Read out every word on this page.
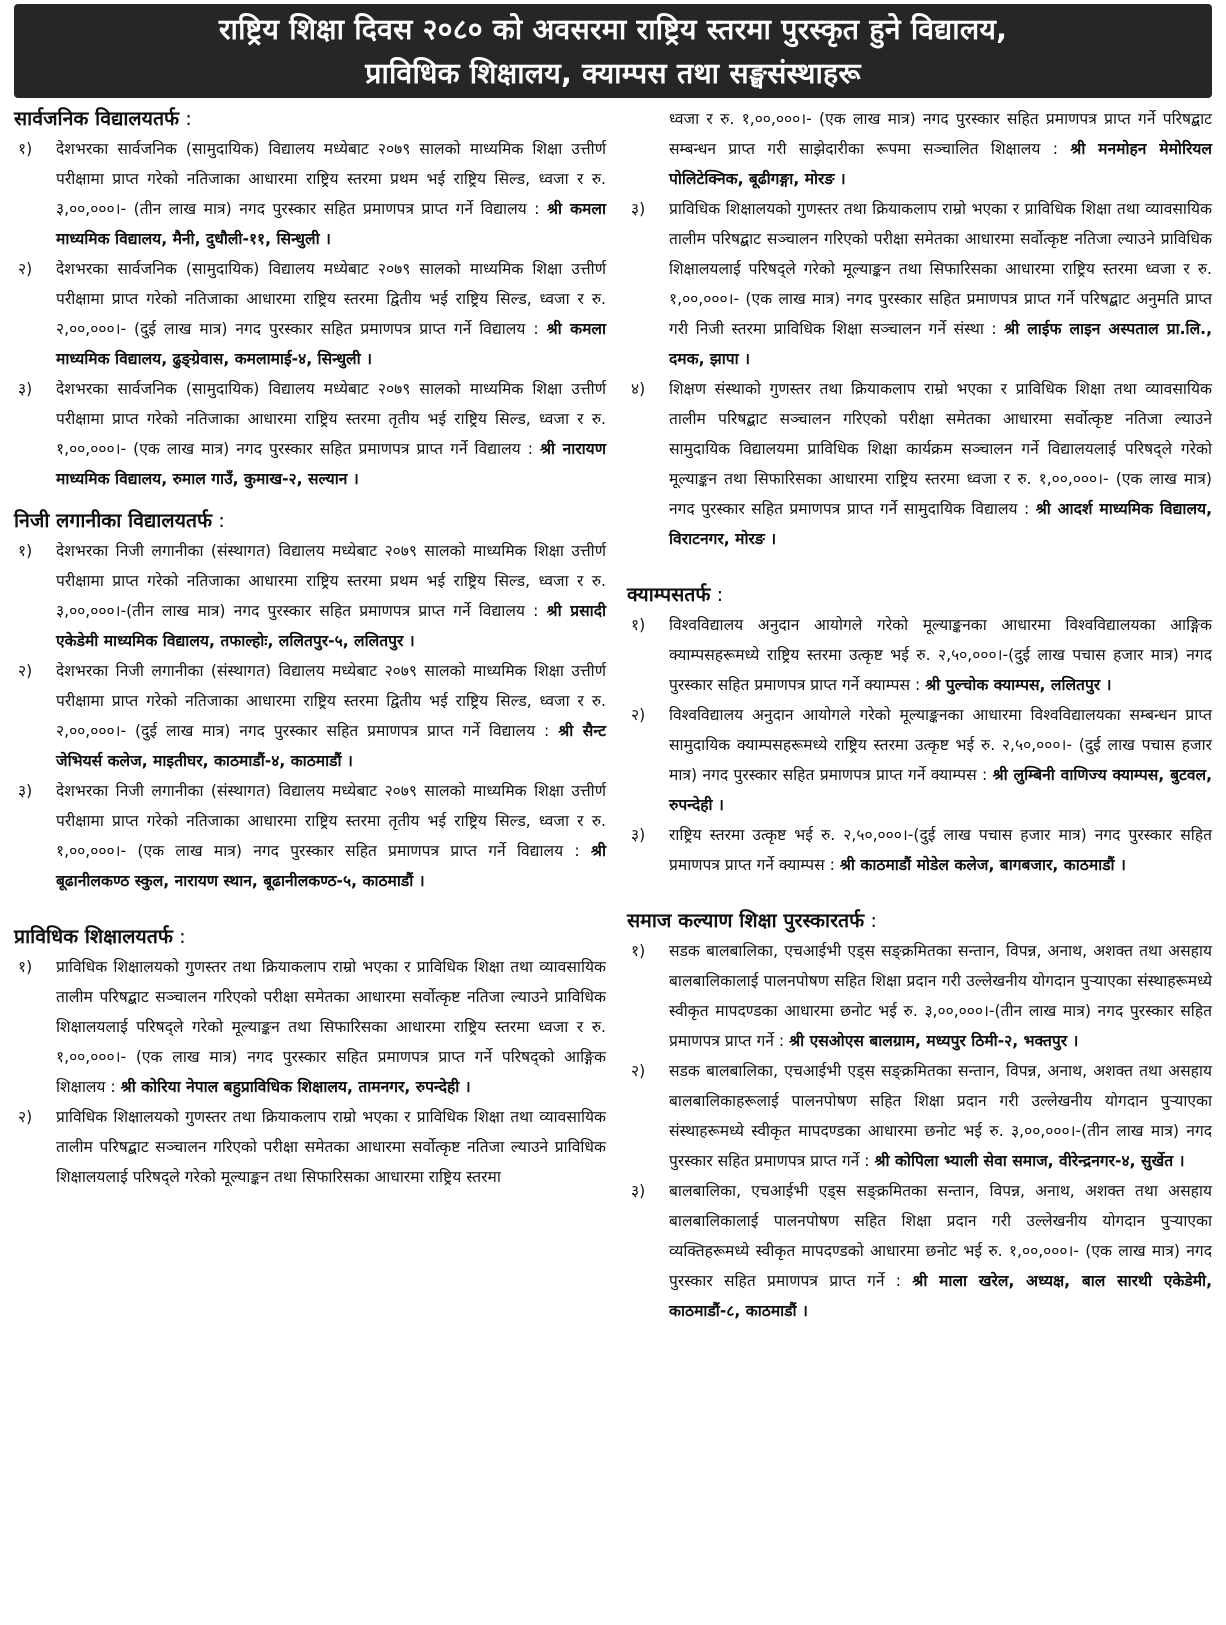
राष्ट्रिय शिक्षा दिवस २०८० को अवसरमा राष्ट्रिय स्तरमा पुरस्कृत हुने विद्यालय,
प्राविधिक शिक्षालय, क्याम्पस तथा सङ्घसंस्थाहरू
सार्वजनिक विद्यालयतर्फ :
१)	देशभरका सार्वजनिक (सामुदायिक) विद्यालय मध्येबाट २०७९ सालको माध्यमिक शिक्षा उत्तीर्ण परीक्षामा प्राप्त गरेको नतिजाका आधारमा राष्ट्रिय स्तरमा प्रथम भई राष्ट्रिय सिल्ड, ध्वजा र रु. ३,००,०००।- (तीन लाख मात्र) नगद पुरस्कार सहित प्रमाणपत्र प्राप्त गर्ने विद्यालय : श्री कमला माध्यमिक विद्यालय, मैनी, दुधौली-११, सिन्धुली ।
२)	देशभरका सार्वजनिक (सामुदायिक) विद्यालय मध्येबाट २०७९ सालको माध्यमिक शिक्षा उत्तीर्ण परीक्षामा प्राप्त गरेको नतिजाका आधारमा राष्ट्रिय स्तरमा द्वितीय भई राष्ट्रिय सिल्ड, ध्वजा र रु. २,००,०००।- (दुई लाख मात्र) नगद पुरस्कार सहित प्रमाणपत्र प्राप्त गर्ने विद्यालय : श्री कमला माध्यमिक विद्यालय, ढुङ्ग्रेवास, कमलामाई-४, सिन्धुली ।
३)	देशभरका सार्वजनिक (सामुदायिक) विद्यालय मध्येबाट २०७९ सालको माध्यमिक शिक्षा उत्तीर्ण परीक्षामा प्राप्त गरेको नतिजाका आधारमा राष्ट्रिय स्तरमा तृतीय भई राष्ट्रिय सिल्ड, ध्वजा र रु. १,००,०००।- (एक लाख मात्र) नगद पुरस्कार सहित प्रमाणपत्र प्राप्त गर्ने विद्यालय : श्री नारायण माध्यमिक विद्यालय, रुमाल गाउँ, कुमाख-२, सल्यान ।
निजी लगानीका विद्यालयतर्फ :
१)	देशभरका निजी लगानीका (संस्थागत) विद्यालय मध्येबाट २०७९ सालको माध्यमिक शिक्षा उत्तीर्ण परीक्षामा प्राप्त गरेको नतिजाका आधारमा राष्ट्रिय स्तरमा प्रथम भई राष्ट्रिय सिल्ड, ध्वजा र रु. ३,००,०००।-(तीन लाख मात्र) नगद पुरस्कार सहित प्रमाणपत्र प्राप्त गर्ने विद्यालय : श्री प्रसादी एकेडेमी माध्यमिक विद्यालय, तफाल्होः, ललितपुर-५, ललितपुर ।
२)	देशभरका निजी लगानीका (संस्थागत) विद्यालय मध्येबाट २०७९ सालको माध्यमिक शिक्षा उत्तीर्ण परीक्षामा प्राप्त गरेको नतिजाका आधारमा राष्ट्रिय स्तरमा द्वितीय भई राष्ट्रिय सिल्ड, ध्वजा र रु. २,००,०००।- (दुई लाख मात्र) नगद पुरस्कार सहित प्रमाणपत्र प्राप्त गर्ने विद्यालय : श्री सैन्ट जेभियर्स कलेज, माइतीघर, काठमाडौं-४, काठमाडौं ।
३)	देशभरका निजी लगानीका (संस्थागत) विद्यालय मध्येबाट २०७९ सालको माध्यमिक शिक्षा उत्तीर्ण परीक्षामा प्राप्त गरेको नतिजाका आधारमा राष्ट्रिय स्तरमा तृतीय भई राष्ट्रिय सिल्ड, ध्वजा र रु. १,००,०००।- (एक लाख मात्र) नगद पुरस्कार सहित प्रमाणपत्र प्राप्त गर्ने विद्यालय : श्री बूढानीलकण्ठ स्कुल, नारायण स्थान, बूढानीलकण्ठ-५, काठमाडौं ।
प्राविधिक शिक्षालयतर्फ :
१)	प्राविधिक शिक्षालयको गुणस्तर तथा क्रियाकलाप राम्रो भएका र प्राविधिक शिक्षा तथा व्यावसायिक तालीम परिषद्बाट सञ्चालन गरिएको परीक्षा समेतका आधारमा सर्वोत्कृष्ट नतिजा ल्याउने प्राविधिक शिक्षालयलाई परिषद्ले गरेको मूल्याङ्कन तथा सिफारिसका आधारमा राष्ट्रिय स्तरमा ध्वजा र रु. १,००,०००।- (एक लाख मात्र) नगद पुरस्कार सहित प्रमाणपत्र प्राप्त गर्ने परिषद्को आङ्गिक शिक्षालय : श्री कोरिया नेपाल बहुप्राविधिक शिक्षालय, तामनगर, रुपन्देही ।
२)	प्राविधिक शिक्षालयको गुणस्तर तथा क्रियाकलाप राम्रो भएका र प्राविधिक शिक्षा तथा व्यावसायिक तालीम परिषद्बाट सञ्चालन गरिएको परीक्षा समेतका आधारमा सर्वोत्कृष्ट नतिजा ल्याउने प्राविधिक शिक्षालयलाई परिषद्ले गरेको मूल्याङ्कन तथा सिफारिसका आधारमा राष्ट्रिय स्तरमा
ध्वजा र रु. १,००,०००।- (एक लाख मात्र) नगद पुरस्कार सहित प्रमाणपत्र प्राप्त गर्ने परिषद्बाट सम्बन्धन प्राप्त गरी साझेदारीका रूपमा सञ्चालित शिक्षालय : श्री मनमोहन मेमोरियल पोलिटेक्निक, बूढीगङ्गा, मोरङ ।
३)	प्राविधिक शिक्षालयको गुणस्तर तथा क्रियाकलाप राम्रो भएका र प्राविधिक शिक्षा तथा व्यावसायिक तालीम परिषद्बाट सञ्चालन गरिएको परीक्षा समेतका आधारमा सर्वोत्कृष्ट नतिजा ल्याउने प्राविधिक शिक्षालयलाई परिषद्ले गरेको मूल्याङ्कन तथा सिफारिसका आधारमा राष्ट्रिय स्तरमा ध्वजा र रु. १,००,०००।- (एक लाख मात्र) नगद पुरस्कार सहित प्रमाणपत्र प्राप्त गर्ने परिषद्बाट अनुमति प्राप्त गरी निजी स्तरमा प्राविधिक शिक्षा सञ्चालन गर्ने संस्था : श्री लाईफ लाइन अस्पताल प्रा.लि., दमक, झापा ।
४)	शिक्षण संस्थाको गुणस्तर तथा क्रियाकलाप राम्रो भएका र प्राविधिक शिक्षा तथा व्यावसायिक तालीम परिषद्बाट सञ्चालन गरिएको परीक्षा समेतका आधारमा सर्वोत्कृष्ट नतिजा ल्याउने सामुदायिक विद्यालयमा प्राविधिक शिक्षा कार्यक्रम सञ्चालन गर्ने विद्यालयलाई परिषद्ले गरेको मूल्याङ्कन तथा सिफारिसका आधारमा राष्ट्रिय स्तरमा ध्वजा र रु. १,००,०००।- (एक लाख मात्र) नगद पुरस्कार सहित प्रमाणपत्र प्राप्त गर्ने सामुदायिक विद्यालय : श्री आदर्श माध्यमिक विद्यालय, विराटनगर, मोरङ ।
क्याम्पसतर्फ :
१)	विश्वविद्यालय अनुदान आयोगले गरेको मूल्याङ्कनका आधारमा विश्वविद्यालयका आङ्गिक क्याम्पसहरूमध्ये राष्ट्रिय स्तरमा उत्कृष्ट भई रु. २,५०,०००।-(दुई लाख पचास हजार मात्र) नगद पुरस्कार सहित प्रमाणपत्र प्राप्त गर्ने क्याम्पस : श्री पुल्चोक क्याम्पस, ललितपुर ।
२)	विश्वविद्यालय अनुदान आयोगले गरेको मूल्याङ्कनका आधारमा विश्वविद्यालयका सम्बन्धन प्राप्त सामुदायिक क्याम्पसहरूमध्ये राष्ट्रिय स्तरमा उत्कृष्ट भई रु. २,५०,०००।- (दुई लाख पचास हजार मात्र) नगद पुरस्कार सहित प्रमाणपत्र प्राप्त गर्ने क्याम्पस : श्री लुम्बिनी वाणिज्य क्याम्पस, बुटवल, रुपन्देही ।
३)	राष्ट्रिय स्तरमा उत्कृष्ट भई रु. २,५०,०००।-(दुई लाख पचास हजार मात्र) नगद पुरस्कार सहित प्रमाणपत्र प्राप्त गर्ने क्याम्पस : श्री काठमाडौं मोडेल कलेज, बागबजार, काठमाडौं ।
समाज कल्याण शिक्षा पुरस्कारतर्फ :
१)	सडक बालबालिका, एचआईभी एड्स सङ्क्रमितका सन्तान, विपन्न, अनाथ, अशक्त तथा असहाय बालबालिकालाई पालनपोषण सहित शिक्षा प्रदान गरी उल्लेखनीय योगदान पुर्‍याएका संस्थाहरूमध्ये स्वीकृत मापदण्डका आधारमा छनोट भई रु. ३,००,०००।-(तीन लाख मात्र) नगद पुरस्कार सहित प्रमाणपत्र प्राप्त गर्ने : श्री एसओएस बालग्राम, मध्यपुर ठिमी-२, भक्तपुर ।
२)	सडक बालबालिका, एचआईभी एड्स सङ्क्रमितका सन्तान, विपन्न, अनाथ, अशक्त तथा असहाय बालबालिकाहरूलाई पालनपोषण सहित शिक्षा प्रदान गरी उल्लेखनीय योगदान पुर्‍याएका संस्थाहरूमध्ये स्वीकृत मापदण्डका आधारमा छनोट भई रु. ३,००,०००।-(तीन लाख मात्र) नगद पुरस्कार सहित प्रमाणपत्र प्राप्त गर्ने : श्री कोपिला भ्याली सेवा समाज, वीरेन्द्रनगर-४, सुर्खेत ।
३)	बालबालिका, एचआईभी एड्स सङ्क्रमितका सन्तान, विपन्न, अनाथ, अशक्त तथा असहाय बालबालिकालाई पालनपोषण सहित शिक्षा प्रदान गरी उल्लेखनीय योगदान पुर्‍याएका व्यक्तिहरूमध्ये स्वीकृत मापदण्डको आधारमा छनोट भई रु. १,००,०००।- (एक लाख मात्र) नगद पुरस्कार सहित प्रमाणपत्र प्राप्त गर्ने : श्री माला खरेल, अध्यक्ष, बाल सारथी एकेडेमी, काठमाडौं-८, काठमाडौं ।
